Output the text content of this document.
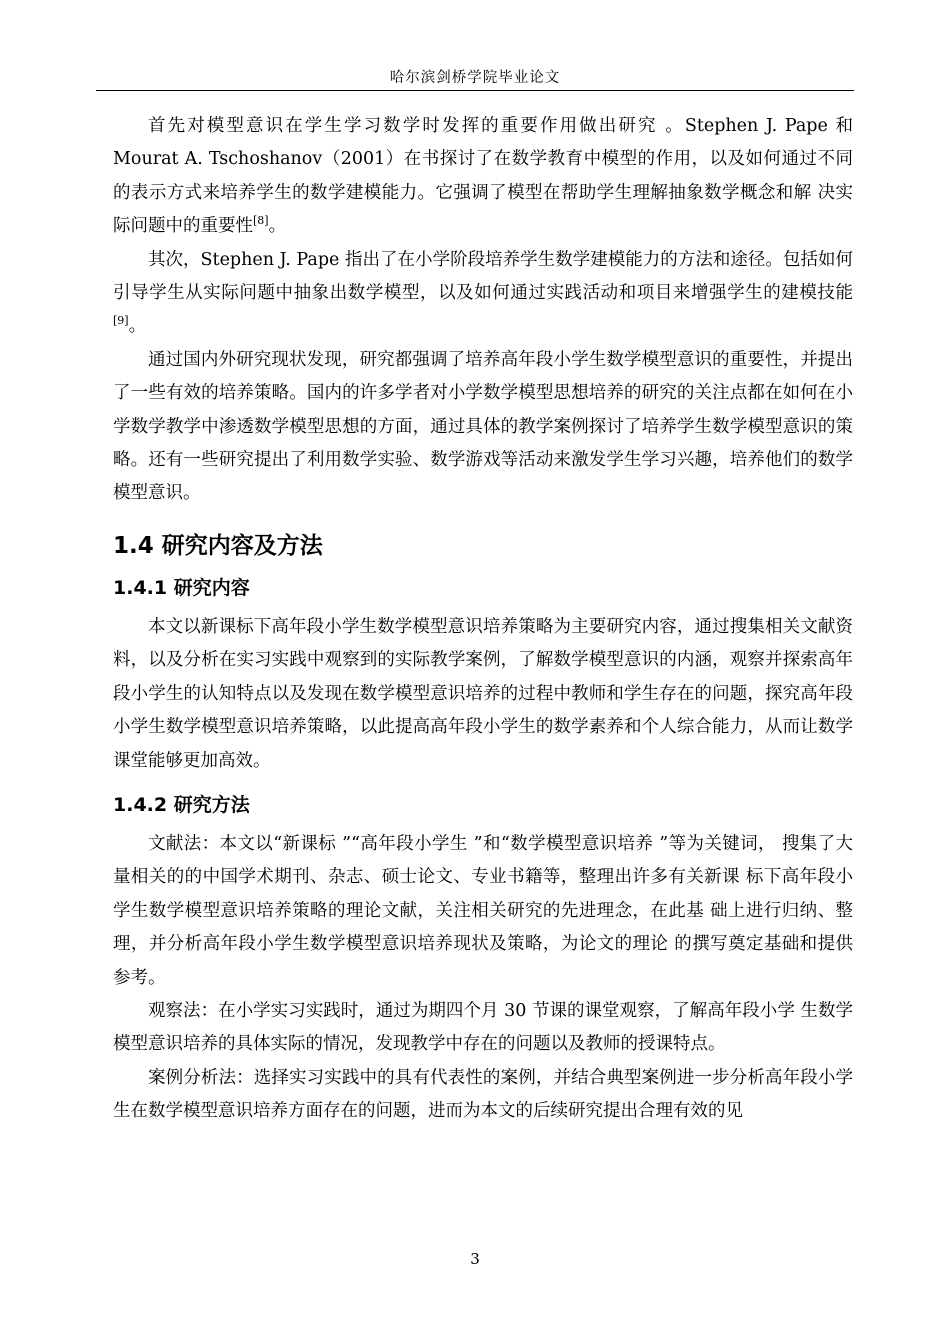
哈尔滨剑桥学院毕业论文

首先对模型意识在学生学习数学时发挥的重要作用做出研究 。Stephen J. Pape 和 Mourat A. Tschoshanov（2001）在书探讨了在数学教育中模型的作用，以及如何通过不同 的表示方式来培养学生的数学建模能力。它强调了模型在帮助学生理解抽象数学概念和解 决实际问题中的重要性[8]。

其次，Stephen J. Pape 指出了在小学阶段培养学生数学建模能力的方法和途径。包括如何引导学生从实际问题中抽象出数学模型，以及如何通过实践活动和项目来增强学生的建模技能[9]。

通过国内外研究现状发现，研究都强调了培养高年段小学生数学模型意识的重要性，并提出了一些有效的培养策略。国内的许多学者对小学数学模型思想培养的研究的关注点都在如何在小学数学教学中渗透数学模型思想的方面，通过具体的教学案例探讨了培养学生数学模型意识的策略。还有一些研究提出了利用数学实验、数学游戏等活动来激发学生学习兴趣，培养他们的数学模型意识。

1.4 研究内容及方法
1.4.1 研究内容

本文以新课标下高年段小学生数学模型意识培养策略为主要研究内容，通过搜集相关文献资料，以及分析在实习实践中观察到的实际教学案例，了解数学模型意识的内涵，观察并探索高年段小学生的认知特点以及发现在数学模型意识培养的过程中教师和学生存在的问题，探究高年段小学生数学模型意识培养策略，以此提高高年段小学生的数学素养和个人综合能力，从而让数学课堂能够更加高效。

1.4.2 研究方法

文献法：本文以“新课标 ”“高年段小学生 ”和“数学模型意识培养 ”等为关键词， 搜集了大量相关的的中国学术期刊、杂志、硕士论文、专业书籍等，整理出许多有关新课 标下高年段小学生数学模型意识培养策略的理论文献，关注相关研究的先进理念，在此基 础上进行归纳、整理，并分析高年段小学生数学模型意识培养现状及策略，为论文的理论 的撰写奠定基础和提供参考。

观察法：在小学实习实践时，通过为期四个月 30 节课的课堂观察，了解高年段小学 生数学模型意识培养的具体实际的情况，发现教学中存在的问题以及教师的授课特点。

案例分析法：选择实习实践中的具有代表性的案例，并结合典型案例进一步分析高年段小学生在数学模型意识培养方面存在的问题，进而为本文的后续研究提出合理有效的见

3
